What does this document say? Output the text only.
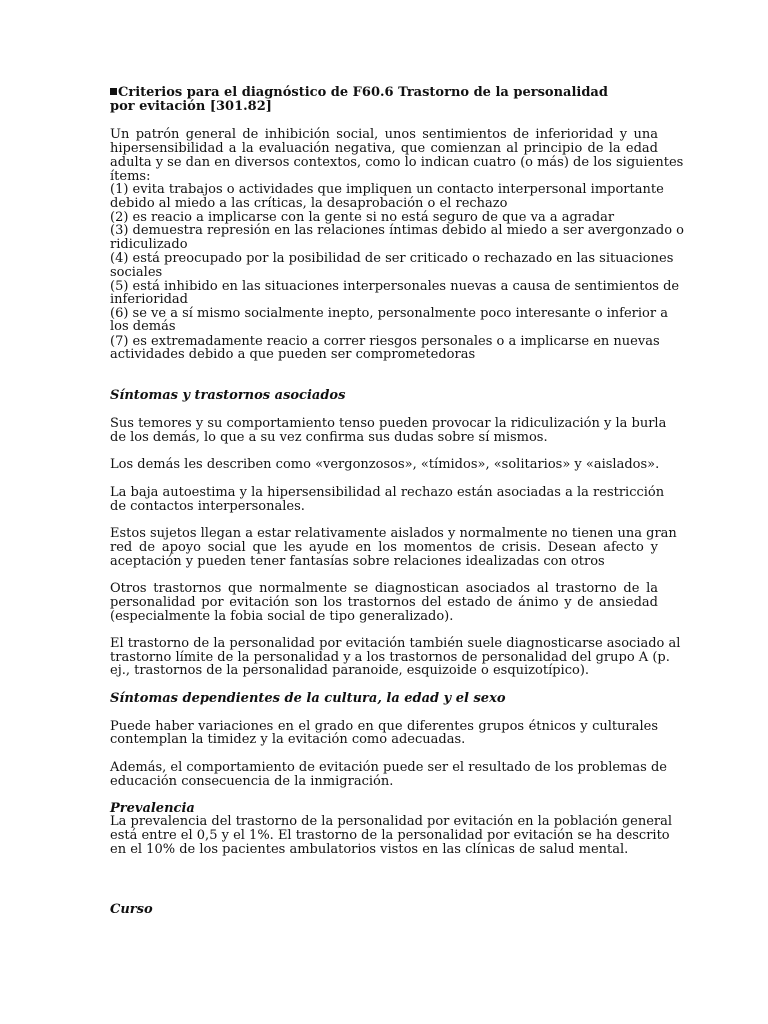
Criterios para el diagnóstico de F60.6 Trastorno de la personalidad
por evitación [301.82]
Un patrón general de inhibición social, unos sentimientos de inferioridad y una
hipersensibilidad a la evaluación negativa, que comienzan al principio de la edad
adulta y se dan en diversos contextos, como lo indican cuatro (o más) de los siguientes
ítems:
(1) evita trabajos o actividades que impliquen un contacto interpersonal importante
debido al miedo a las críticas, la desaprobación o el rechazo
(2) es reacio a implicarse con la gente si no está seguro de que va a agradar
(3) demuestra represión en las relaciones íntimas debido al miedo a ser avergonzado o
ridiculizado
(4) está preocupado por la posibilidad de ser criticado o rechazado en las situaciones
sociales
(5) está inhibido en las situaciones interpersonales nuevas a causa de sentimientos de
inferioridad
(6) se ve a sí mismo socialmente inepto, personalmente poco interesante o inferior a
los demás
(7) es extremadamente reacio a correr riesgos personales o a implicarse en nuevas
actividades debido a que pueden ser comprometedoras
Síntomas y trastornos asociados
Sus temores y su comportamiento tenso pueden provocar la ridiculización y la burla
de los demás, lo que a su vez confirma sus dudas sobre sí mismos.
Los demás les describen como «vergonzosos», «tímidos», «solitarios» y «aislados».
La baja autoestima y la hipersensibilidad al rechazo están asociadas a la restricción
de contactos interpersonales.
Estos sujetos llegan a estar relativamente aislados y normalmente no tienen una gran
red de apoyo social que les ayude en los momentos de crisis. Desean afecto y
aceptación y pueden tener fantasías sobre relaciones idealizadas con otros
Otros trastornos que normalmente se diagnostican asociados al trastorno de la
personalidad por evitación son los trastornos del estado de ánimo y de ansiedad
(especialmente la fobia social de tipo generalizado).
El trastorno de la personalidad por evitación también suele diagnosticarse asociado al
trastorno límite de la personalidad y a los trastornos de personalidad del grupo A (p.
ej., trastornos de la personalidad paranoide, esquizoide o esquizotípico).
Síntomas dependientes de la cultura, la edad y el sexo
Puede haber variaciones en el grado en que diferentes grupos étnicos y culturales
contemplan la timidez y la evitación como adecuadas.
Además, el comportamiento de evitación puede ser el resultado de los problemas de
educación consecuencia de la inmigración.
Prevalencia
La prevalencia del trastorno de la personalidad por evitación en la población general
está entre el 0,5 y el 1%. El trastorno de la personalidad por evitación se ha descrito
en el 10% de los pacientes ambulatorios vistos en las clínicas de salud mental.
Curso
